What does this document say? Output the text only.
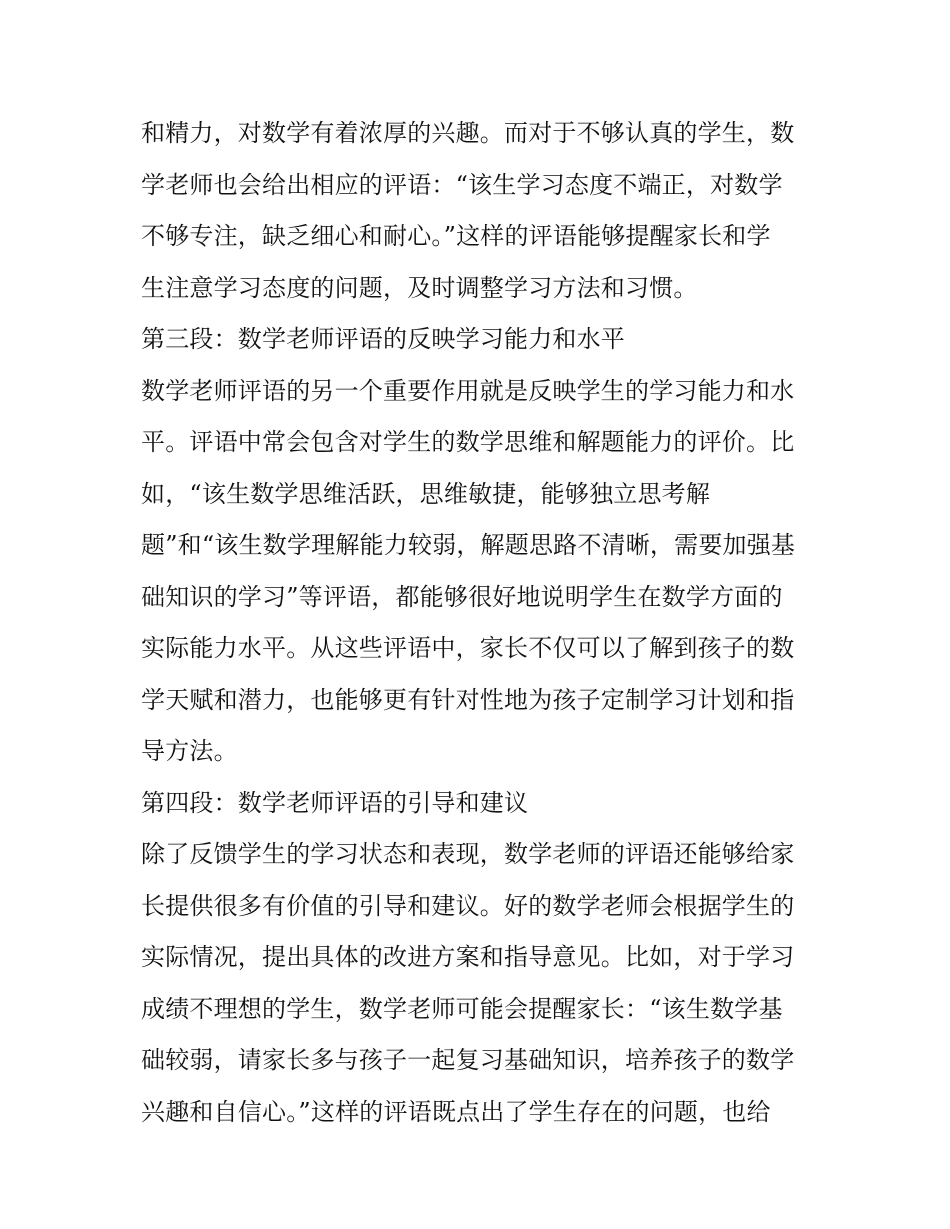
和精力，对数学有着浓厚的兴趣。而对于不够认真的学生，数
学老师也会给出相应的评语：“该生学习态度不端正，对数学
不够专注，缺乏细心和耐心。”这样的评语能够提醒家长和学
生注意学习态度的问题，及时调整学习方法和习惯。
第三段：数学老师评语的反映学习能力和水平
数学老师评语的另一个重要作用就是反映学生的学习能力和水
平。评语中常会包含对学生的数学思维和解题能力的评价。比
如，“该生数学思维活跃，思维敏捷，能够独立思考解
题”和“该生数学理解能力较弱，解题思路不清晰，需要加强基
础知识的学习”等评语，都能够很好地说明学生在数学方面的
实际能力水平。从这些评语中，家长不仅可以了解到孩子的数
学天赋和潜力，也能够更有针对性地为孩子定制学习计划和指
导方法。
第四段：数学老师评语的引导和建议
除了反馈学生的学习状态和表现，数学老师的评语还能够给家
长提供很多有价值的引导和建议。好的数学老师会根据学生的
实际情况，提出具体的改进方案和指导意见。比如，对于学习
成绩不理想的学生，数学老师可能会提醒家长：“该生数学基
础较弱，请家长多与孩子一起复习基础知识，培养孩子的数学
兴趣和自信心。”这样的评语既点出了学生存在的问题，也给
